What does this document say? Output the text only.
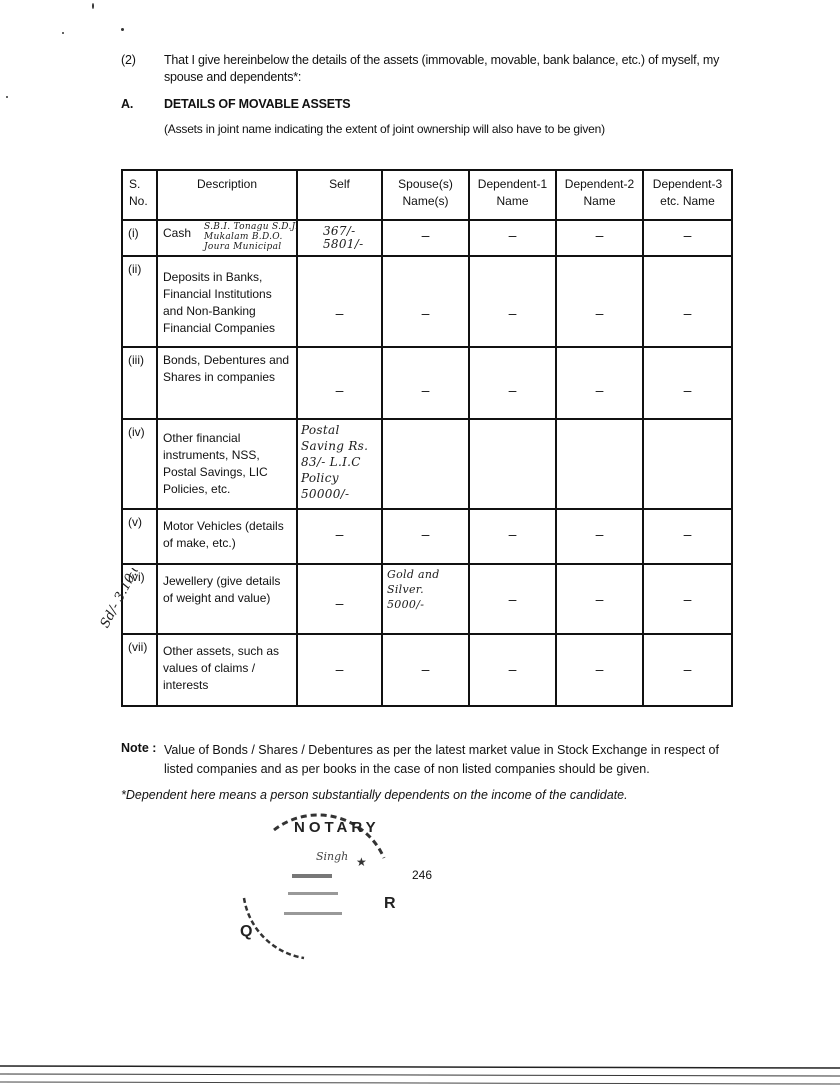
(2) That I give hereinbelow the details of the assets (immovable, movable, bank balance, etc.) of myself, my spouse and dependents*:
A. DETAILS OF MOVABLE ASSETS
(Assets in joint name indicating the extent of joint ownership will also have to be given)
S. No.	Description	Self	Spouse(s) Name(s)	Dependent-1 Name	Dependent-2 Name	Dependent-3 etc. Name
(i)	Cash S.B.I. Tonagu S.D.J. Mukalam B.D.O. Joura Municipal	367/- 5801/-	–	–	–	–

(ii)	Deposits in Banks, Financial Institutions and Non-Banking Financial Companies	–	–	–	–	–

(iii)	Bonds, Debentures and Shares in companies	–	–	–	–	–

(iv)	Other financial instruments, NSS, Postal Savings, LIC Policies, etc.	Postal Saving Rs. 83/- L.I.C Policy 50000/-				

(v)	Motor Vehicles (details of make, etc.)	–	–	–	–	–

(vi)	Jewellery (give details of weight and value)	–	Gold and Silver. 5000/-	–	–	–

(vii)	Other assets, such as values of claims / interests	–	–	–	–	–
Sd/- 3.10.08
Note : Value of Bonds / Shares / Debentures as per the latest market value in Stock Exchange in respect of listed companies and as per books in the case of non listed companies should be given.
*Dependent here means a person substantially dependents on the income of the candidate.
NOTARY
Singh
R
Q
★
246
